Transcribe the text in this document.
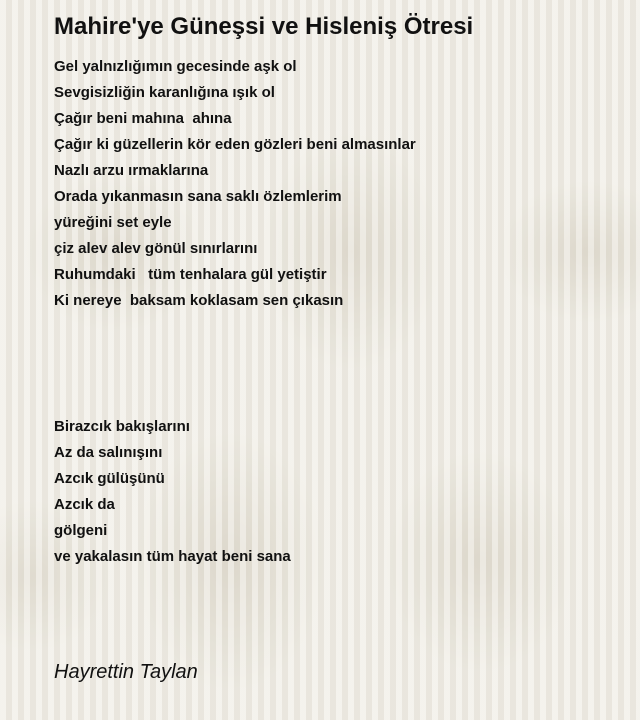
Mahire'ye Güneşsi ve Hisleniş Ötresi
Gel yalnızlığımın gecesinde aşk ol
Sevgisizliğin karanlığına ışık ol
Çağır beni mahına  ahına
Çağır ki güzellerin kör eden gözleri beni almasınlar
Nazlı arzu ırmaklarına
Orada yıkanmasın sana saklı özlemlerim
yüreğini set eyle
çiz alev alev gönül sınırlarını
Ruhumdaki   tüm tenhalara gül yetiştir
Ki nereye  baksam koklasam sen çıkasın
Birazcık bakışlarını
Az da salınışını
Azcık gülüşünü
Azcık da
gölgeni
ve yakalasın tüm hayat beni sana

Hayrettin Taylan
